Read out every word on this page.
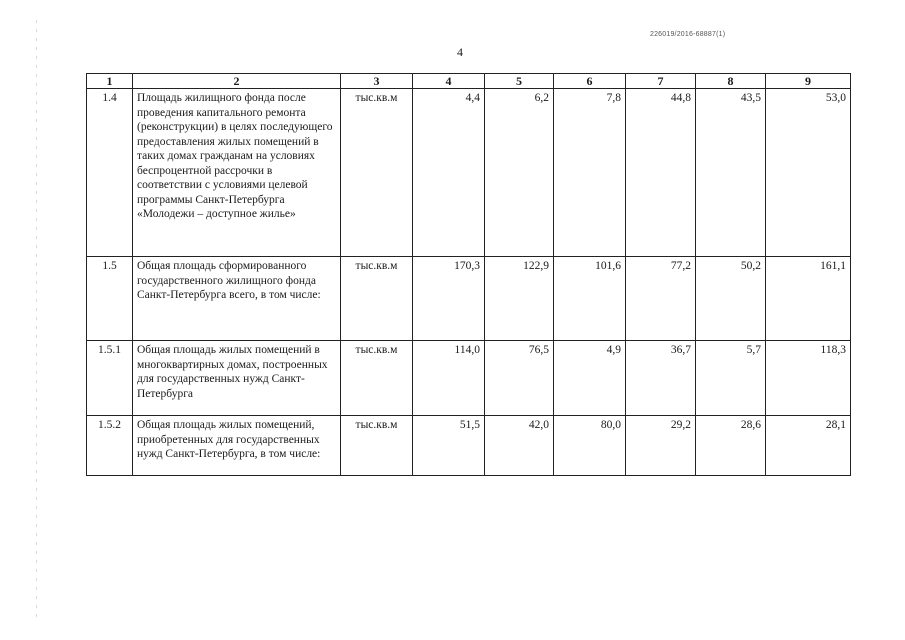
226019/2016-68887(1)
4
1	2	3	4	5	6	7	8	9
1.4	Площадь жилищного фонда после проведения капитального ремонта (реконструкции) в целях последующего предоставления жилых помещений в таких домах гражданам на условиях беспроцентной рассрочки в соответствии с условиями целевой программы Санкт-Петербурга «Молодежи – доступное жилье»	тыс.кв.м	4,4	6,2	7,8	44,8	43,5	53,0
1.5	Общая площадь сформированного государственного жилищного фонда Санкт-Петербурга всего, в том числе:	тыс.кв.м	170,3	122,9	101,6	77,2	50,2	161,1
1.5.1	Общая площадь жилых помещений в многоквартирных домах, построенных для государственных нужд Санкт-Петербурга	тыс.кв.м	114,0	76,5	4,9	36,7	5,7	118,3
1.5.2	Общая площадь жилых помещений, приобретенных для государственных нужд Санкт-Петербурга, в том числе:	тыс.кв.м	51,5	42,0	80,0	29,2	28,6	28,1
